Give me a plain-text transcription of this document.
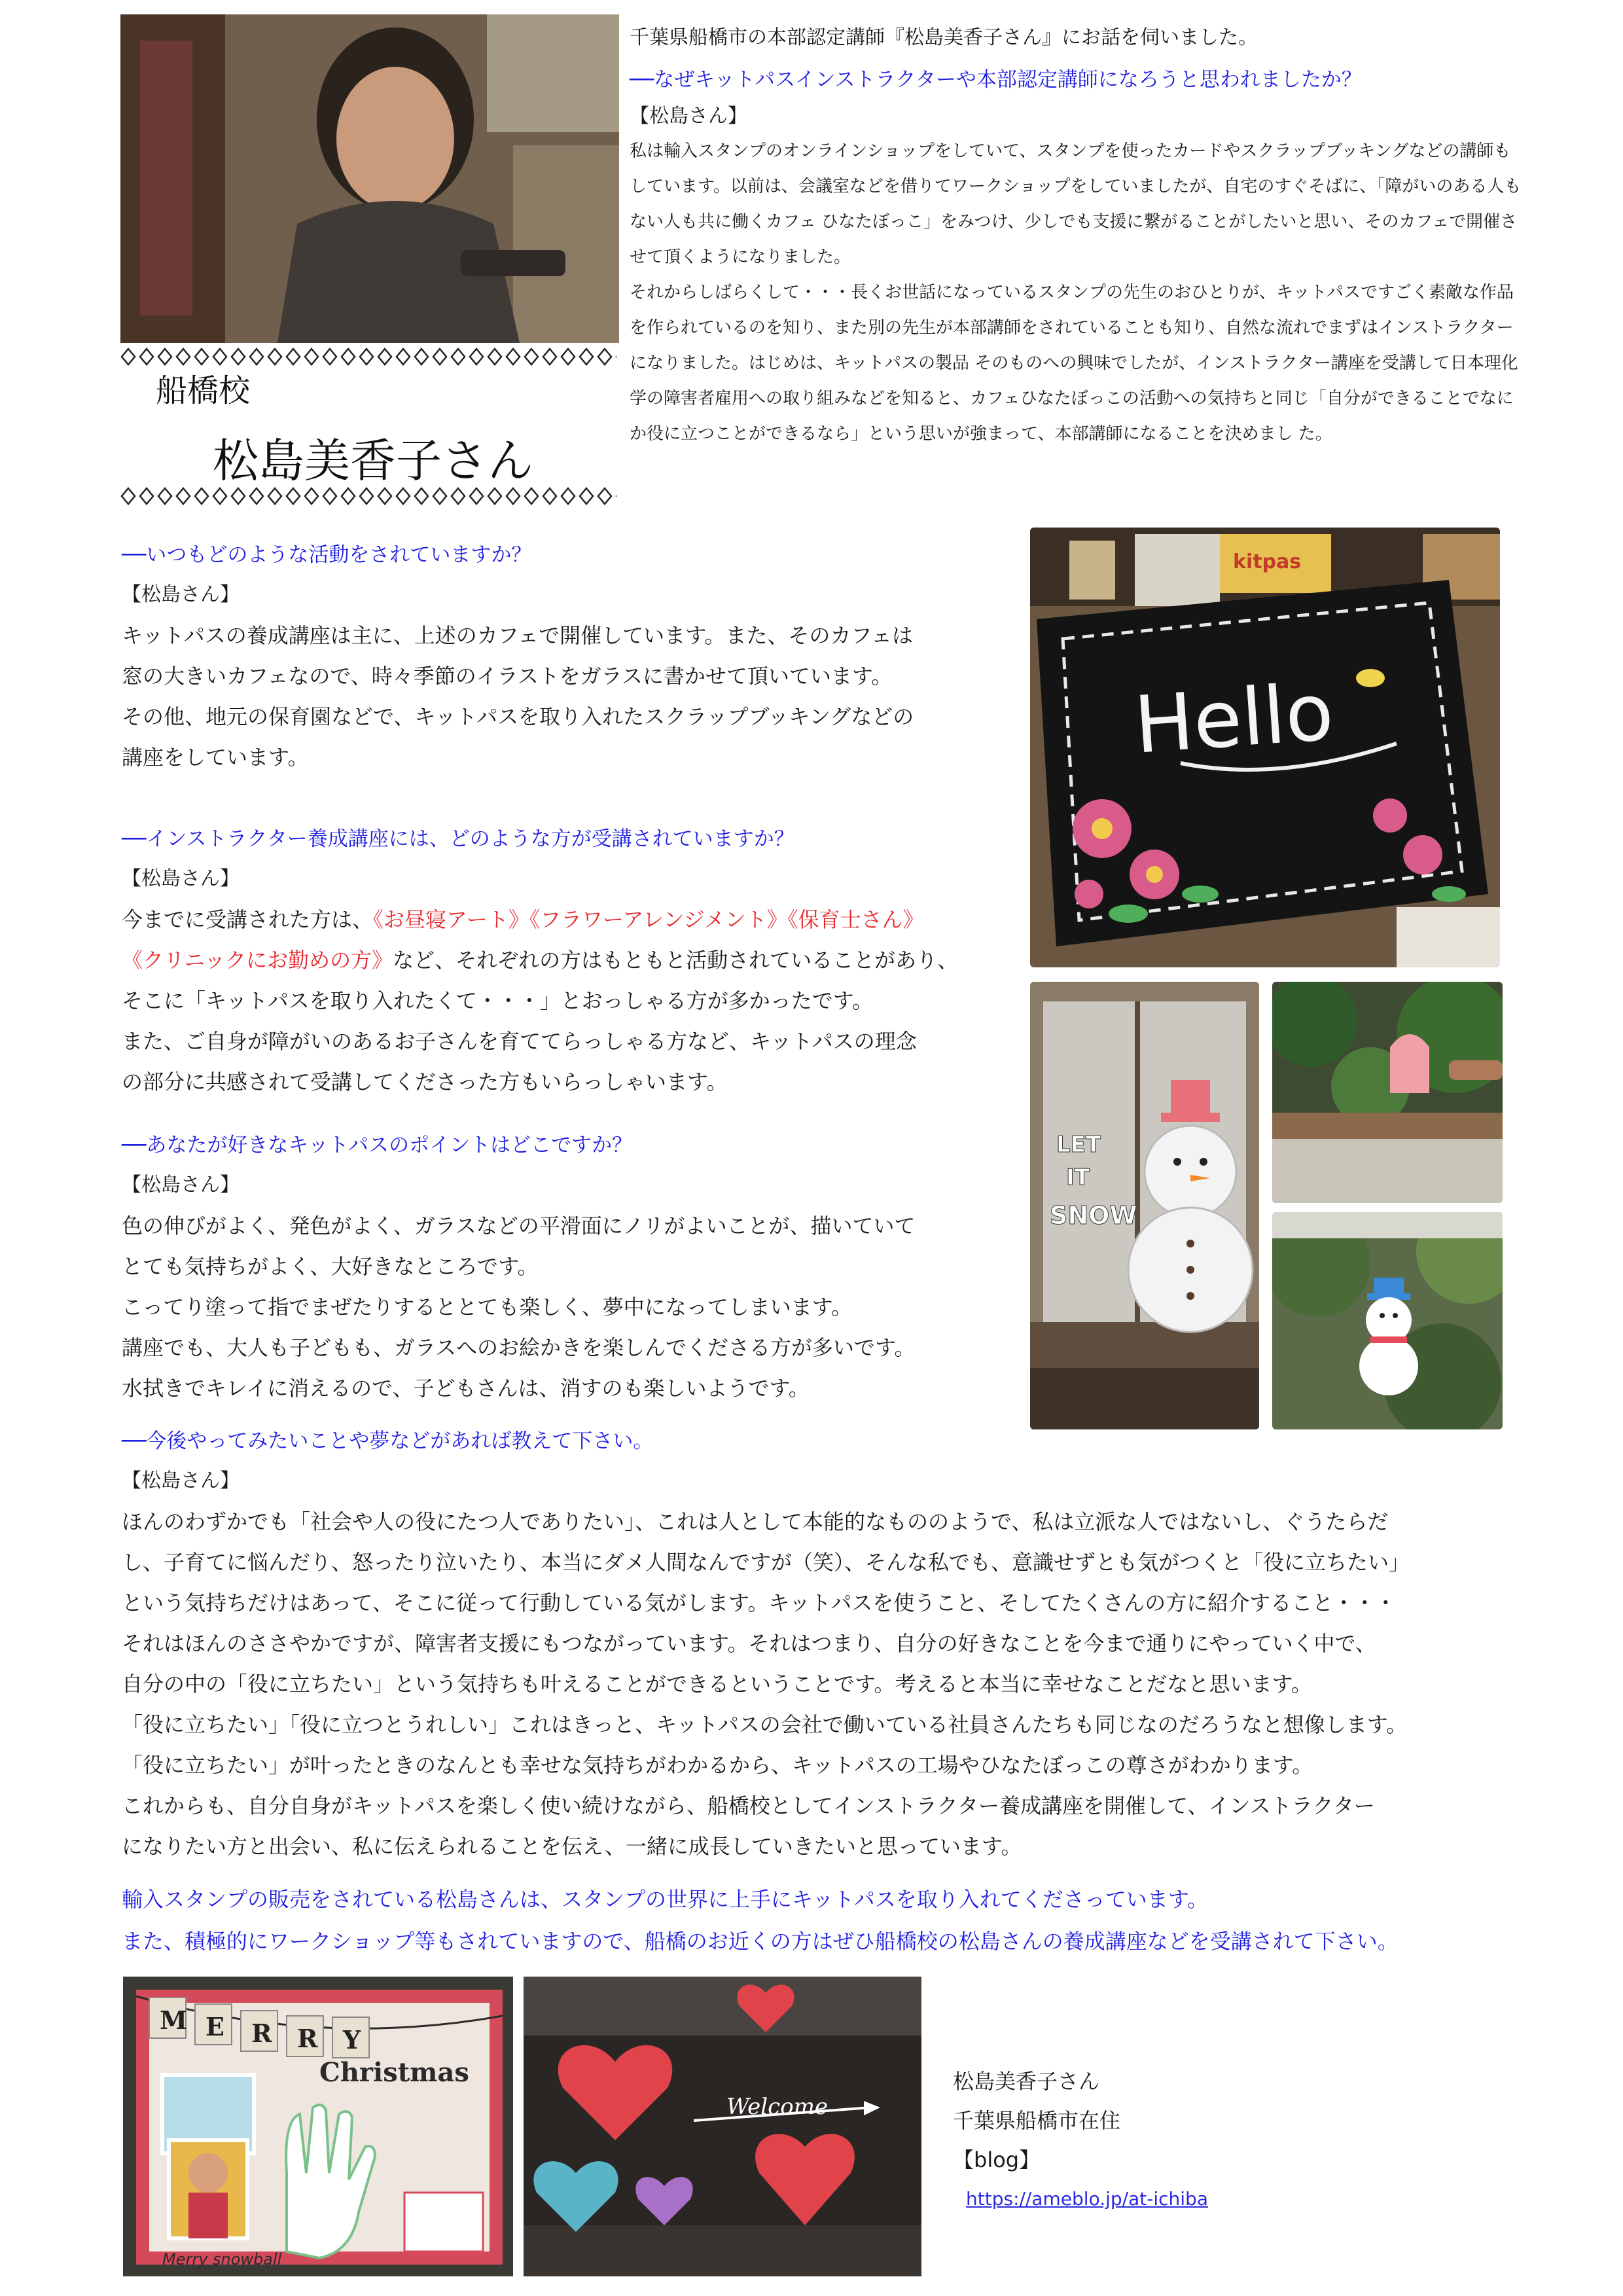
船橋校
松島美香子さん
千葉県船橋市の本部認定講師『松島美香子さん』にお話を伺いました。
──なぜキットパスインストラクターや本部認定講師になろうと思われましたか？
【松島さん】

私は輸入スタンプのオンラインショップをしていて、スタンプを使ったカードやスクラップブッキングなどの講師もしています。以前は、会議室などを借りてワークショップをしていましたが、自宅のすぐそばに、「障がいのある人もない人も共に働くカフェ ひなたぼっこ」をみつけ、少しでも支援に繋がることがしたいと思い、そのカフェで開催させて頂くようになりました。

それからしばらくして・・・長くお世話になっているスタンプの先生のおひとりが、キットパスですごく素敵な作品を作られているのを知り、また別の先生が本部講師をされていることも知り、自然な流れでまずはインストラクターになりました。はじめは、キットパスの製品 そのものへの興味でしたが、インストラクター講座を受講して日本理化学の障害者雇用への取り組みなどを知ると、カフェひなたぼっこの活動への気持ちと同じ「自分ができることでなにか役に立つことができるなら」という思いが強まって、本部講師になることを決めまし た。

──いつもどのような活動をされていますか？
【松島さん】

キットパスの養成講座は主に、上述のカフェで開催しています。また、そのカフェは

窓の大きいカフェなので、時々季節のイラストをガラスに書かせて頂いています。

その他、地元の保育園などで、キットパスを取り入れたスクラップブッキングなどの

講座をしています。

──インストラクター養成講座には、どのような方が受講されていますか？
【松島さん】

今までに受講された方は、《お昼寝アート》《フラワーアレンジメント》《保育士さん》

《クリニックにお勤めの方》など、それぞれの方はもともと活動されていることがあり、

そこに「キットパスを取り入れたくて・・・」とおっしゃる方が多かったです。

また、ご自身が障がいのあるお子さんを育ててらっしゃる方など、キットパスの理念

の部分に共感されて受講してくださった方もいらっしゃいます。

──あなたが好きなキットパスのポイントはどこですか？
【松島さん】

色の伸びがよく、発色がよく、ガラスなどの平滑面にノリがよいことが、描いていて

とても気持ちがよく、大好きなところです。

こってり塗って指でまぜたりするととても楽しく、夢中になってしまいます。

講座でも、大人も子どもも、ガラスへのお絵かきを楽しんでくださる方が多いです。

水拭きでキレイに消えるので、子どもさんは、消すのも楽しいようです。

──今後やってみたいことや夢などがあれば教えて下さい。
【松島さん】

ほんのわずかでも「社会や人の役にたつ人でありたい」、これは人として本能的なもののようで、私は立派な人ではないし、ぐうたらだ

し、子育てに悩んだり、怒ったり泣いたり、本当にダメ人間なんですが（笑）、そんな私でも、意識せずとも気がつくと「役に立ちたい」

という気持ちだけはあって、そこに従って行動している気がします。キットパスを使うこと、そしてたくさんの方に紹介すること・・・

それはほんのささやかですが、障害者支援にもつながっています。それはつまり、自分の好きなことを今まで通りにやっていく中で、

自分の中の「役に立ちたい」という気持ちも叶えることができるということです。考えると本当に幸せなことだなと思います。

「役に立ちたい」「役に立つとうれしい」これはきっと、キットパスの会社で働いている社員さんたちも同じなのだろうなと想像します。

「役に立ちたい」が叶ったときのなんとも幸せな気持ちがわかるから、キットパスの工場やひなたぼっこの尊さがわかります。

これからも、自分自身がキットパスを楽しく使い続けながら、船橋校としてインストラクター養成講座を開催して、インストラクター

になりたい方と出会い、私に伝えられることを伝え、一緒に成長していきたいと思っています。

輸入スタンプの販売をされている松島さんは、スタンプの世界に上手にキットパスを取り入れてくださっています。

また、積極的にワークショップ等もされていますので、船橋のお近くの方はぜひ船橋校の松島さんの養成講座などを受講されて下さい。

kitpas
Hello
LET
IT
SNOW
M E R R Y
Christmas
Merry snowball
Welcome
松島美香子さん
千葉県船橋市在住
【blog】
https://ameblo.jp/at-ichiba
